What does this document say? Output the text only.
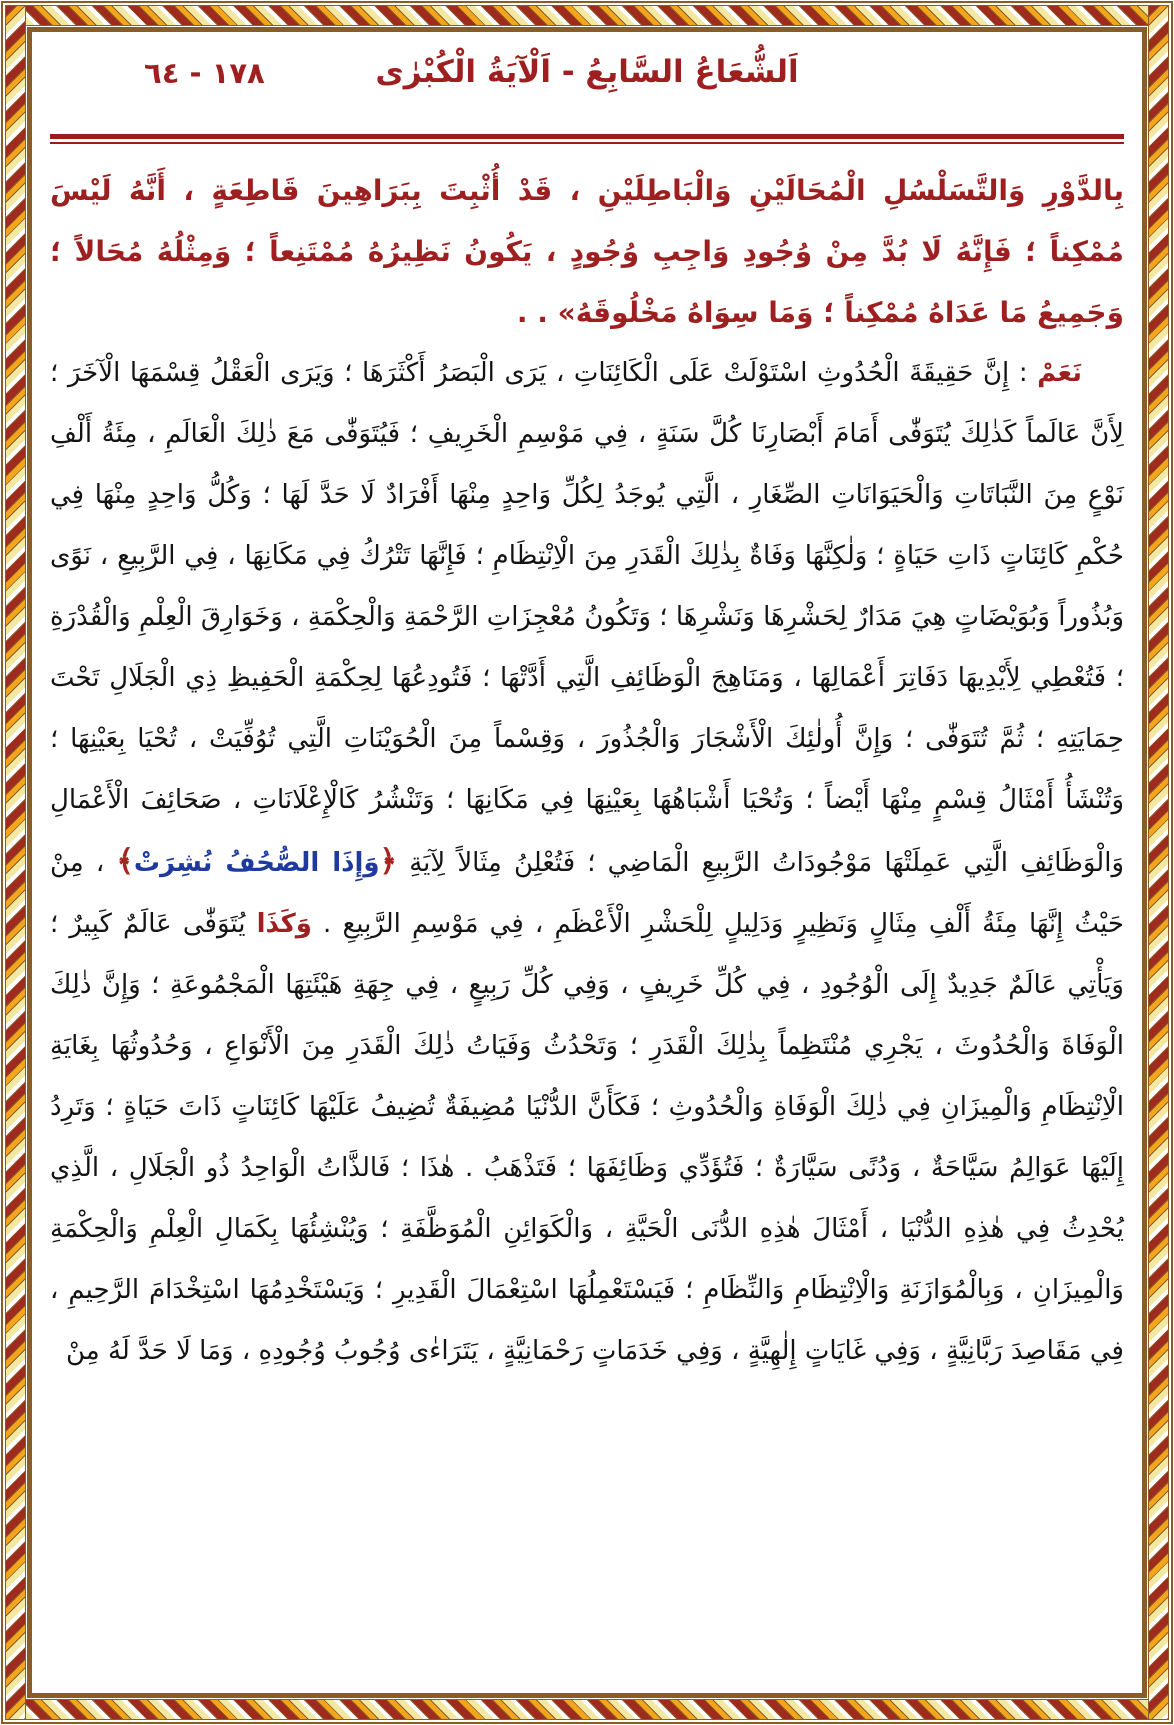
١٧٨ - ٦٤	اَلشُّعَاعُ السَّابِعُ - اَلْآيَةُ الْكُبْرٰى

بِالدَّوْرِ وَالتَّسَلْسُلِ الْمُحَالَيْنِ وَالْبَاطِلَيْنِ ، قَدْ أُثْبِتَ بِبَرَاهِينَ قَاطِعَةٍ ، أَنَّهُ لَيْسَ مُمْكِناً ؛ فَإِنَّهُ لَا بُدَّ مِنْ وُجُودِ وَاجِبِ وُجُودٍ ، يَكُونُ نَظِيرُهُ مُمْتَنِعاً ؛ وَمِثْلُهُ مُحَالاً ؛ وَجَمِيعُ مَا عَدَاهُ مُمْكِناً ؛ وَمَا سِوَاهُ مَخْلُوقَهُ» . .

نَعَمْ : إِنَّ حَقِيقَةَ الْحُدُوثِ اسْتَوْلَتْ عَلَى الْكَائِنَاتِ ، يَرَى الْبَصَرُ أَكْثَرَهَا ؛ وَيَرَى الْعَقْلُ قِسْمَهَا الْآخَرَ ؛ لِأَنَّ عَالَماً كَذٰلِكَ يُتَوَفّٰى أَمَامَ أَبْصَارِنَا كُلَّ سَنَةٍ ، فِي مَوْسِمِ الْخَرِيفِ ؛ فَيُتَوَفّٰى مَعَ ذٰلِكَ الْعَالَمِ ، مِئَةُ أَلْفِ نَوْعٍ مِنَ النَّبَاتَاتِ وَالْحَيَوَانَاتِ الصِّغَارِ ، الَّتِي يُوجَدُ لِكُلِّ وَاحِدٍ مِنْهَا أَفْرَادٌ لَا حَدَّ لَهَا ؛ وَكُلُّ وَاحِدٍ مِنْهَا فِي حُكْمِ كَائِنَاتٍ ذَاتِ حَيَاةٍ ؛ وَلٰكِنَّهَا وَفَاةٌ بِذٰلِكَ الْقَدَرِ مِنَ الْاِنْتِظَامِ ؛ فَإِنَّهَا تَتْرُكُ فِي مَكَانِهَا ، فِي الرَّبِيعِ ، نَوًى وَبُذُوراً وَبُوَيْضَاتٍ هِيَ مَدَارٌ لِحَشْرِهَا وَنَشْرِهَا ؛ وَتَكُونُ مُعْجِزَاتِ الرَّحْمَةِ وَالْحِكْمَةِ ، وَخَوَارِقَ الْعِلْمِ وَالْقُدْرَةِ ؛ فَتُعْطِي لِأَيْدِيهَا دَفَاتِرَ أَعْمَالِهَا ، وَمَنَاهِجَ الْوَظَائِفِ الَّتِي أَدَّتْهَا ؛ فَتُودِعُهَا لِحِكْمَةِ الْحَفِيظِ ذِي الْجَلَالِ تَحْتَ حِمَايَتِهِ ؛ ثُمَّ تُتَوَفّٰى ؛ وَإِنَّ أُولٰئِكَ الْأَشْجَارَ وَالْجُذُورَ ، وَقِسْماً مِنَ الْحُوَيْنَاتِ الَّتِي تُوُفِّيَتْ ، تُحْيَا بِعَيْنِهَا ؛ وَتُنْشَأُ أَمْثَالُ قِسْمٍ مِنْهَا أَيْضاً ؛ وَتُحْيَا أَشْبَاهُهَا بِعَيْنِهَا فِي مَكَانِهَا ؛ وَتَنْشُرُ كَالْإِعْلَانَاتِ ، صَحَائِفَ الْأَعْمَالِ وَالْوَظَائِفِ الَّتِي عَمِلَتْهَا مَوْجُودَاتُ الرَّبِيعِ الْمَاضِي ؛ فَتُعْلِنُ مِثَالاً لِآيَةِ ﴿وَإِذَا الصُّحُفُ نُشِرَتْ﴾ ، مِنْ حَيْثُ إِنَّهَا مِئَةُ أَلْفِ مِثَالٍ وَنَظِيرٍ وَدَلِيلٍ لِلْحَشْرِ الْأَعْظَمِ ، فِي مَوْسِمِ الرَّبِيعِ . وَكَذَا يُتَوَفّٰى عَالَمٌ كَبِيرٌ ؛ وَيَأْتِي عَالَمٌ جَدِيدٌ إِلَى الْوُجُودِ ، فِي كُلِّ خَرِيفٍ ، وَفِي كُلِّ رَبِيعٍ ، فِي جِهَةِ هَيْئَتِهَا الْمَجْمُوعَةِ ؛ وَإِنَّ ذٰلِكَ الْوَفَاةَ وَالْحُدُوثَ ، يَجْرِي مُنْتَظِماً بِذٰلِكَ الْقَدَرِ ؛ وَتَحْدُثُ وَفَيَاتُ ذٰلِكَ الْقَدَرِ مِنَ الْأَنْوَاعِ ، وَحُدُوثُهَا بِغَايَةِ الْاِنْتِظَامِ وَالْمِيزَانِ فِي ذٰلِكَ الْوَفَاةِ وَالْحُدُوثِ ؛ فَكَأَنَّ الدُّنْيَا مُضِيفَةٌ تُضِيفُ عَلَيْهَا كَائِنَاتٍ ذَاتَ حَيَاةٍ ؛ وَتَرِدُ إِلَيْهَا عَوَالِمُ سَيَّاحَةٌ ، وَدُنًى سَيَّارَةٌ ؛ فَتُؤَدِّي وَظَائِفَهَا ؛ فَتَذْهَبُ . هٰذَا ؛ فَالذَّاتُ الْوَاحِدُ ذُو الْجَلَالِ ، الَّذِي يُحْدِثُ فِي هٰذِهِ الدُّنْيَا ، أَمْثَالَ هٰذِهِ الدُّنَى الْحَيَّةِ ، وَالْكَوَائِنِ الْمُوَظَّفَةِ ؛ وَيُنْشِئُهَا بِكَمَالِ الْعِلْمِ وَالْحِكْمَةِ وَالْمِيزَانِ ، وَبِالْمُوَازَنَةِ وَالْاِنْتِظَامِ وَالنِّظَامِ ؛ فَيَسْتَعْمِلُهَا اسْتِعْمَالَ الْقَدِيرِ ؛ وَيَسْتَخْدِمُهَا اسْتِخْدَامَ الرَّحِيمِ ، فِي مَقَاصِدَ رَبَّانِيَّةٍ ، وَفِي غَايَاتٍ إِلٰهِيَّةٍ ، وَفِي خَدَمَاتٍ رَحْمَانِيَّةٍ ، يَتَرَاءٰى وُجُوبُ وُجُودِهِ ، وَمَا لَا حَدَّ لَهُ مِنْ
